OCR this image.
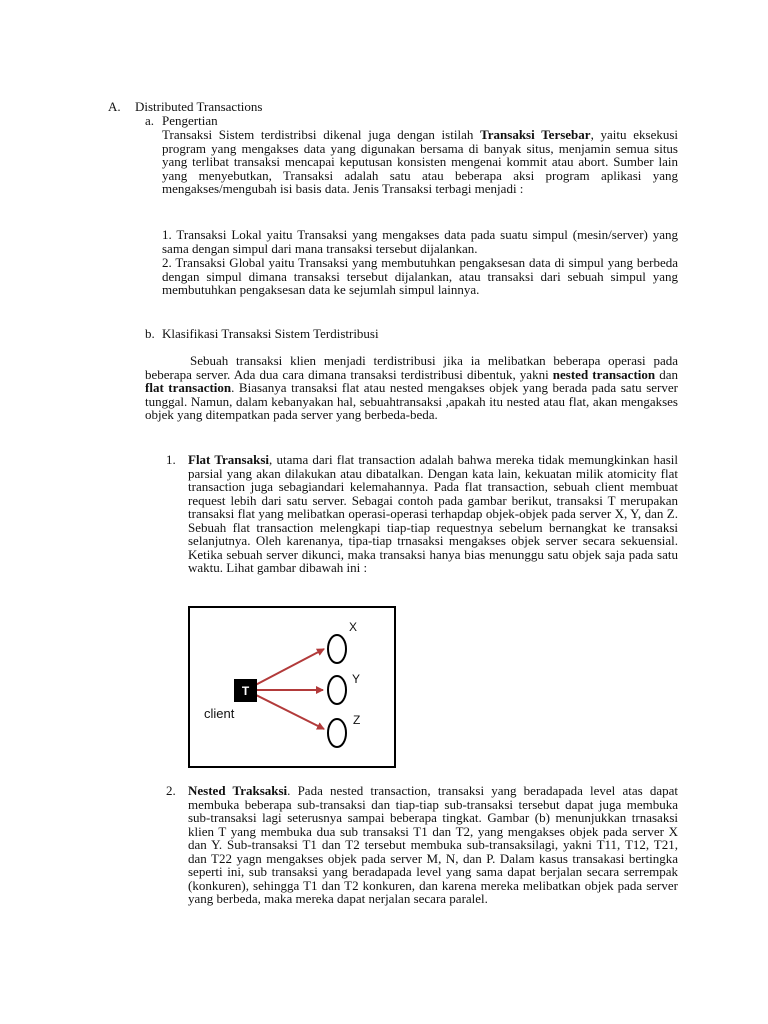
A. Distributed Transactions
a. Pengertian

Transaksi Sistem terdistribsi dikenal juga dengan istilah Transaksi Tersebar, yaitu eksekusi program yang mengakses data yang digunakan bersama di banyak situs, menjamin semua situs yang terlibat transaksi mencapai keputusan konsisten mengenai kommit atau abort. Sumber lain yang menyebutkan, Transaksi adalah satu atau beberapa aksi program aplikasi yang mengakses/mengubah isi basis data. Jenis Transaksi terbagi menjadi :

1. Transaksi Lokal yaitu Transaksi yang mengakses data pada suatu simpul (mesin/server) yang sama dengan simpul dari mana transaksi tersebut dijalankan.

2. Transaksi Global yaitu Transaksi yang membutuhkan pengaksesan data di simpul yang berbeda dengan simpul dimana transaksi tersebut dijalankan, atau transaksi dari sebuah simpul yang membutuhkan pengaksesan data ke sejumlah simpul lainnya.

b. Klasifikasi Transaksi Sistem Terdistribusi

Sebuah transaksi klien menjadi terdistribusi jika ia melibatkan beberapa operasi pada beberapa server. Ada dua cara dimana transaksi terdistribusi dibentuk, yakni nested transaction dan flat transaction. Biasanya transaksi flat atau nested mengakses objek yang berada pada satu server tunggal. Namun, dalam kebanyakan hal, sebuahtransaksi ,apakah itu nested atau flat, akan mengakses objek yang ditempatkan pada server yang berbeda-beda.

1. Flat Transaksi, utama dari flat transaction adalah bahwa mereka tidak memungkinkan hasil parsial yang akan dilakukan atau dibatalkan. Dengan kata lain, kekuatan milik atomicity flat transaction juga sebagiandari kelemahannya. Pada flat transaction, sebuah client membuat request lebih dari satu server. Sebagai contoh pada gambar berikut, transaksi T merupakan transaksi flat yang melibatkan operasi-operasi terhapdap objek-objek pada server X, Y, dan Z. Sebuah flat transaction melengkapi tiap-tiap requestnya sebelum bernangkat ke transaksi selanjutnya. Oleh karenanya, tipa-tiap trnasaksi mengakses objek server secara sekuensial. Ketika sebuah server dikunci, maka transaksi hanya bias menunggu satu objek saja pada satu waktu. Lihat gambar dibawah ini :

T
client
X
Y
Z
2. Nested Traksaksi. Pada nested transaction, transaksi yang beradapada level atas dapat membuka beberapa sub-transaksi dan tiap-tiap sub-transaksi tersebut dapat juga membuka sub-transaksi lagi seterusnya sampai beberapa tingkat. Gambar (b) menunjukkan trnasaksi klien T yang membuka dua sub transaksi T1 dan T2, yang mengakses objek pada server X dan Y. Sub-transaksi T1 dan T2 tersebut membuka sub-transaksilagi, yakni T11, T12, T21, dan T22 yagn mengakses objek pada server M, N, dan P. Dalam kasus transakasi bertingka seperti ini, sub transaksi yang beradapada level yang sama dapat berjalan secara serrempak (konkuren), sehingga T1 dan T2 konkuren, dan karena mereka melibatkan objek pada server yang berbeda, maka mereka dapat nerjalan secara paralel.
